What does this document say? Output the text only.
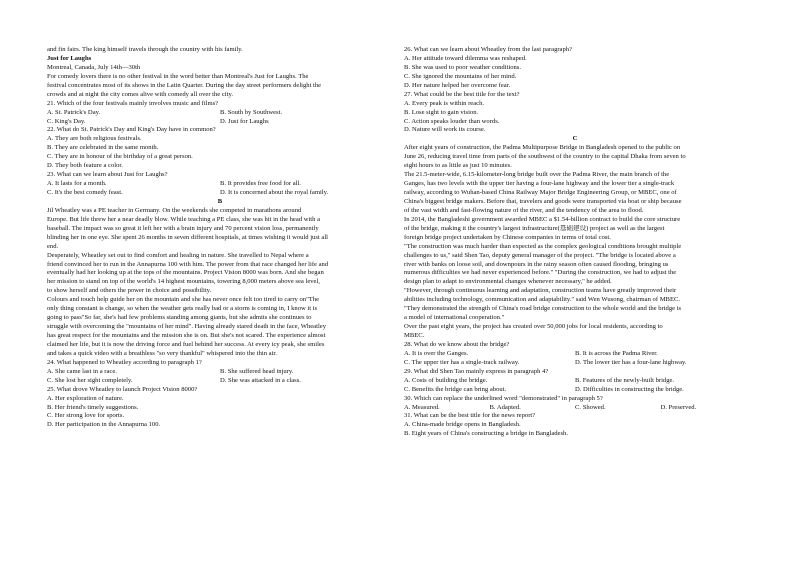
and fin fairs. The king himself travels through the country with his family.
Just for Laughs
Montreal, Canada, July 14th—30th
For comedy lovers there is no other festival in the word better than Montreal's Just for Laughs. The
festival concentrates most of its shows in the Latin Quarter. During the day street performers delight the
crowds and at night the city comes alive with comedy all over the city.
21. Which of the four festivals mainly involves music and films?
A. St. Patrick's Day.	B. South by Southwest.
C. King's Day.	D. Just for Laughs
22. What do St. Patrick's Day and King's Day have in common?
A. They are both religious festivals.
B. They are celebrated in the same month.
C. They are in honour of the birthday of a great person.
D. They both feature a color.
23. What can we learn about Just for Laughs?
A. It lasts for a month.	B. It provides free food for all.
C. It's the best comedy feast.	D. It is concerned about the royal family.
B
Jil Wheatley was a PE teacher in Germany. On the weekends she competed in marathons around
Europe. But life threw her a near deadly blow. While teaching a PE class, she was hit in the head with a
baseball. The impact was so great it left her with a brain injury and 70 percent vision loss, permanently
blinding her in one eye. She spent 26 months in seven different hospitals, at times wishing it would just all
end.
Desperately, Wheatley set out to find comfort and healing in nature. She travelled to Nepal where a
friend convinced her to run in the Annapurna 100 with him. The power from that race changed her life and
eventually had her looking up at the tops of the mountains. Project Vision 8000 was born. And she began
her mission to stand on top of the world's 14 highest mountains, towering 8,000 meters above sea level,
to show herself and others the power in choice and possibility.
Colours and touch help guide her on the mountain and she has never once felt too tired to carry on"The
only thing constant is change, so when the weather gets really bad or a storm is coming in, I know it is
going to pass"So far, she's had few problems standing among giants, but she admits she continues to
struggle with overcoming the "mountains of her mind". Having already stared death in the face, Wheatley
has great respect for the mountains and the mission she is on. But she's not scared. The experience almost
claimed her life, but it is now the driving force and fuel behind her success. At every icy peak, she smiles
and takes a quick video with a breathless "so very thankful" whispered into the thin air.
24. What happened to Wheatley according to paragraph 1?
A. She came last in a race.	B. She suffered head injury.
C. She lost her sight completely.	D. She was attacked in a class.
25. What drove Wheatley to launch Project Vision 8000?
A. Her exploration of nature.
B. Her friend's timely suggestions.
C. Her strong love for sports.
D. Her participation in the Annapurna 100.
26. What can we learn about Wheatley from the last paragraph?
A. Her attitude toward dilemma was reshaped.
B. She was used to poor weather conditions.
C. She ignored the mountains of her mind.
D. Her nature helped her overcome fear.
27. What could be the best title for the text?
A. Every peak is within reach.
B. Lose sight to gain vision.
C. Action speaks louder than words.
D. Nature will work its course.
C
After eight years of construction, the Padma Multipurpose Bridge in Bangladesh opened to the public on
June 26, reducing travel time from parts of the southwest of the country to the capital Dhaka from seven to
eight hours to as little as just 10 minutes.
The 21.5-meter-wide, 6.15-kilometer-long bridge built over the Padma River, the main branch of the
Ganges, has two levels with the upper tier having a four-lane highway and the lower tier a single-track
railway, according to Wuhan-based China Railway Major Bridge Engineering Group, or MBEC, one of
China's biggest bridge makers. Before that, travelers and goods were transported via boat or ship because
of the vast width and fast-flowing nature of the river, and the tendency of the area to flood.
In 2014, the Bangladeshi government awarded MBEC a $1.54-billion contract to build the core structure
of the bridge, making it the country's largest infrastructure(基础建设) project as well as the largest
foreign bridge project undertaken by Chinese companies in terms of total cost.
"The construction was much harder than expected as the complex geological conditions brought multiple
challenges to us," said Shen Tao, deputy general manager of the project. "The bridge is located above a
river with banks on loose soil, and downpours in the rainy season often caused flooding, bringing us
numerous difficulties we had never experienced before." "During the construction, we had to adjust the
design plan to adapt to environmental changes whenever necessary," he added.
"However, through continuous learning and adaptation, construction teams have greatly improved their
abilities including technology, communication and adaptability." said Wen Wusong, chairman of MBEC.
"They demonstrated the strength of China's road bridge construction to the whole world and the bridge is
a model of international cooperation."
Over the past eight years, the project has created over 50,000 jobs for local residents, according to
MBEC.
28. What do we know about the bridge?
A. It is over the Ganges.	B. It is across the Padma River.
C. The upper tier has a single-track railway.	D. The lower tier has a four-lane highway.
29. What did Shen Tao mainly express in paragraph 4?
A. Costs of building the bridge.	B. Features of the newly-built bridge.
C. Benefits the bridge can bring about.	D. Difficulties in constructing the bridge.
30. Which can replace the underlined word "demonstrated" in paragraph 5?
A. Measured.	B. Adapted.	C. Showed.	D. Preserved.
31. What can be the best title for the news report?
A. China-made bridge opens in Bangladesh.
B. Eight years of China's constructing a bridge in Bangladesh.
